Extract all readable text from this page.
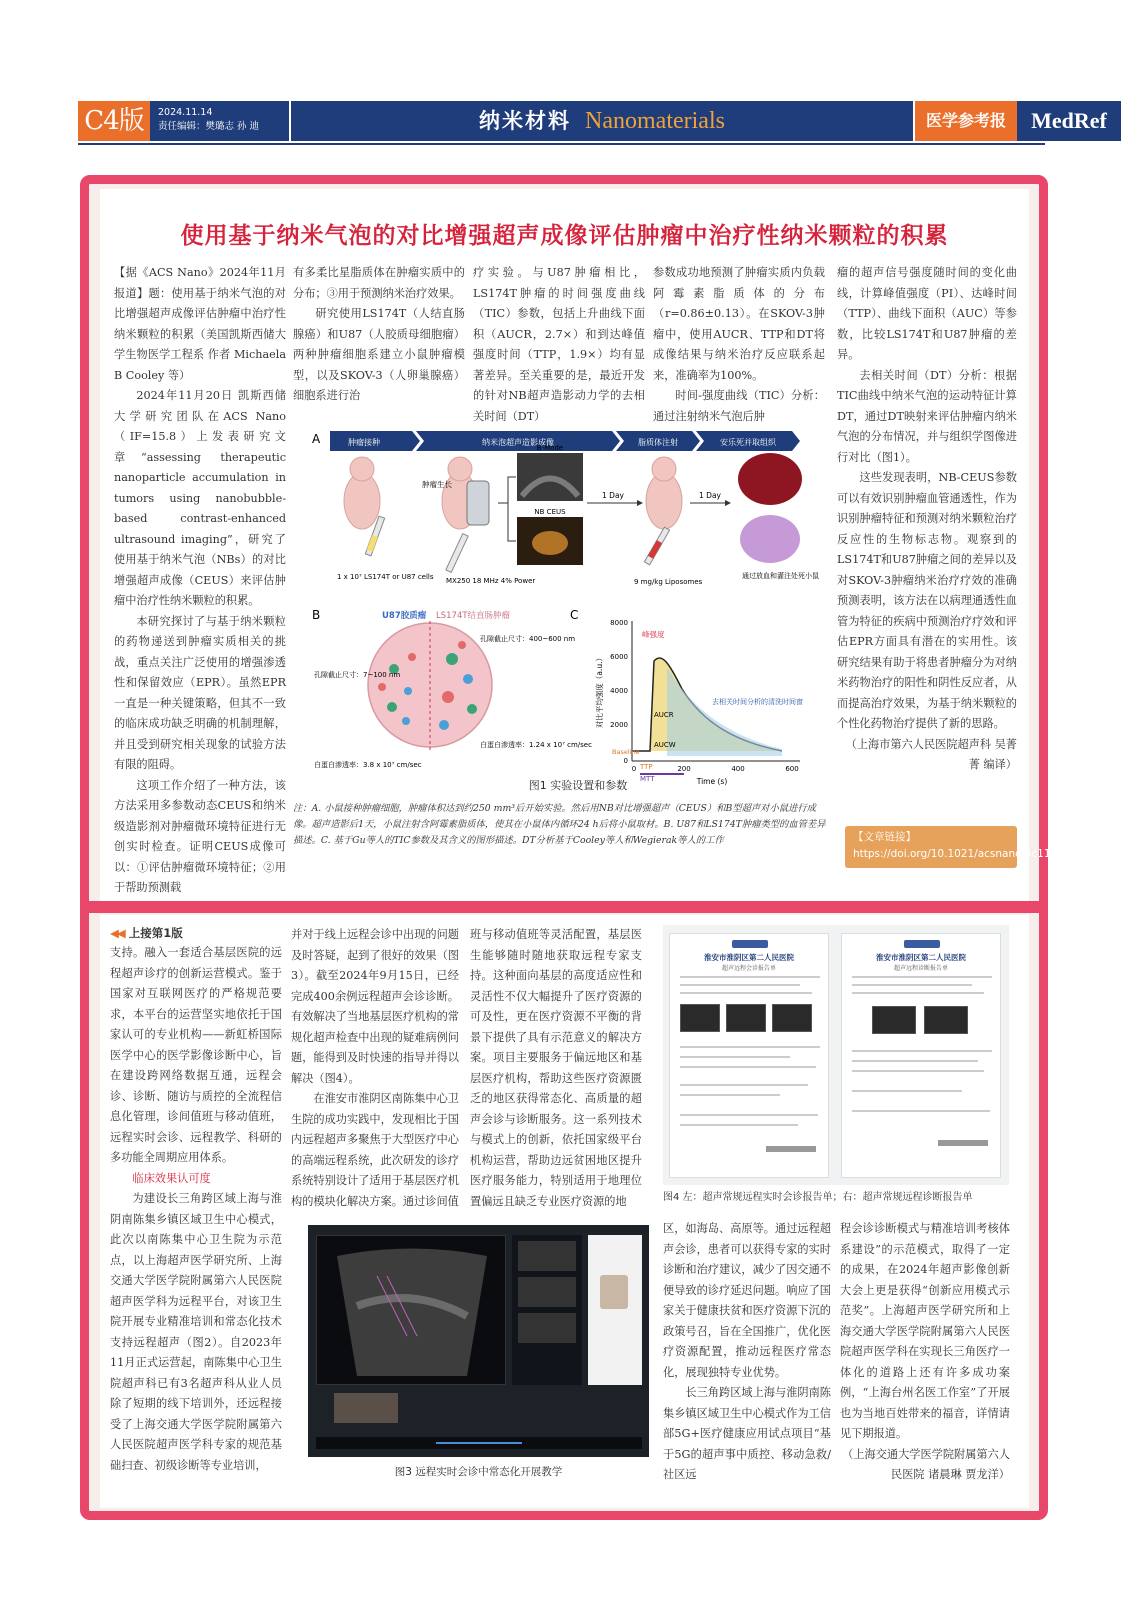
C4版	2024.11.14
责任编辑：樊璐志 孙 迪	纳米材料 Nanomaterials	医学参考报	MedRef
使用基于纳米气泡的对比增强超声成像评估肿瘤中治疗性纳米颗粒的积累

【据《ACS Nano》2024年11月报道】题：使用基于纳米气泡的对比增强超声成像评估肿瘤中治疗性纳米颗粒的积累（美国凯斯西储大学生物医学工程系 作者 Michaela B Cooley 等）

2024年11月20日 凯斯西储大学研究团队在ACS Nano（IF=15.8）上发表研究文章“assessing therapeutic nanoparticle accumulation in tumors using nanobubble-based contrast-enhanced ultrasound imaging”，研究了使用基于纳米气泡（NBs）的对比增强超声成像（CEUS）来评估肿瘤中治疗性纳米颗粒的积累。

本研究探讨了与基于纳米颗粒的药物递送到肿瘤实质相关的挑战，重点关注广泛使用的增强渗透性和保留效应（EPR）。虽然EPR一直是一种关键策略，但其不一致的临床成功缺乏明确的机制理解，并且受到研究相关现象的试验方法有限的阻碍。

这项工作介绍了一种方法，该方法采用多参数动态CEUS和纳米级造影剂对肿瘤微环境特征进行无创实时检查。证明CEUS成像可以：①评估肿瘤微环境特征；②用于帮助预测载

有多柔比星脂质体在肿瘤实质中的分布；③用于预测纳米治疗效果。

研究使用LS174T（人结直肠腺癌）和U87（人胶质母细胞瘤）两种肿瘤细胞系建立小鼠肿瘤模型，以及SKOV-3（人卵巢腺癌）细胞系进行治

疗实验。与U87肿瘤相比，LS174T肿瘤的时间强度曲线（TIC）参数，包括上升曲线下面积（AUCR，2.7×）和到达峰值强度时间（TTP，1.9×）均有显著差异。至关重要的是，最近开发的针对NB超声造影动力学的去相关时间（DT）

参数成功地预测了肿瘤实质内负载阿霉素脂质体的分布（r=0.86±0.13）。在SKOV-3肿瘤中，使用AUCR、TTP和DT将成像结果与纳米治疗反应联系起来，准确率为100%。

时间-强度曲线（TIC）分析：通过注射纳米气泡后肿

瘤的超声信号强度随时间的变化曲线，计算峰值强度（PI）、达峰时间（TTP）、曲线下面积（AUC）等参数，比较LS174T和U87肿瘤的差异。

去相关时间（DT）分析：根据TIC曲线中纳米气泡的运动特征计算DT，通过DT映射来评估肿瘤内纳米气泡的分布情况，并与组织学图像进行对比（图1）。

这些发现表明，NB-CEUS参数可以有效识别肿瘤血管通透性，作为识别肿瘤特征和预测对纳米颗粒治疗反应性的生物标志物。观察到的LS174T和U87肿瘤之间的差异以及对SKOV-3肿瘤纳米治疗疗效的准确预测表明，该方法在以病理通透性血管为特征的疾病中预测治疗疗效和评估EPR方面具有潜在的实用性。该研究结果有助于将患者肿瘤分为对纳米药物治疗的阳性和阴性反应者，从而提高治疗效果，为基于纳米颗粒的个性化药物治疗提供了新的思路。

（上海市第六人民医院超声科 吴菁菁 编译）

肿瘤接种	纳米泡超声造影成像	脂质体注射	安乐死并取组织
A
肿瘤生长
1 x 10⁷ LS174T or U87 cells MX250 18 MHz 4% Power
B-Mode
NB CEUS
1 Day	1 Day
9 mg/kg Liposomes
通过放血和灌注处死小鼠
B	U87胶质瘤 LS174T结直肠肿瘤
孔隙截止尺寸：7~100 nm
孔隙截止尺寸：400~600 nm
白蛋白渗透率：3.8 x 10⁷ cm/sec
白蛋白渗透率：1.24 x 10⁷ cm/sec
C
8000
6000
4000
2000
0
0	200	400	600
Time (s)
对比平均强度（a.u.）
峰强度
AUCR
AUCW
去相关时间分析的清洗时间窗
Baseline
TTP
MTT
图1 实验设置和参数
注：A. 小鼠接种肿瘤细胞，肿瘤体积达到约250 mm³后开始实验。然后用NB对比增强超声（CEUS）和B型超声对小鼠进行成像。超声造影后1天，小鼠注射含阿霉素脂质体，使其在小鼠体内循环24 h后将小鼠取材。B. U87和LS174T肿瘤类型的血管差异描述。C. 基于Gu等人的TIC参数及其含义的图形描述。DT分析基于Cooley等人和Wegierak等人的工作	【文章链接】https://doi.org/10.1021/acsnano.4c11805
◀◀ 上接第1版

支持。融入一套适合基层医院的远程超声诊疗的创新运营模式。鉴于国家对互联网医疗的严格规范要求，本平台的运营坚实地依托于国家认可的专业机构——新虹桥国际医学中心的医学影像诊断中心，旨在建设跨网络数据互通，远程会诊、诊断、随访与质控的全流程信息化管理，诊间值班与移动值班，远程实时会诊、远程教学、科研的多功能全周期应用体系。

临床效果认可度

为建设长三角跨区域上海与淮阴南陈集乡镇区域卫生中心模式，此次以南陈集中心卫生院为示范点，以上海超声医学研究所、上海交通大学医学院附属第六人民医院超声医学科为远程平台，对该卫生院开展专业精准培训和常态化技术支持远程超声（图2）。自2023年11月正式运营起，南陈集中心卫生院超声科已有3名超声科从业人员除了短期的线下培训外，还远程接受了上海交通大学医学院附属第六人民医院超声医学科专家的规范基础扫查、初级诊断等专业培训，

并对于线上远程会诊中出现的问题及时答疑，起到了很好的效果（图3）。截至2024年9月15日，已经完成400余例远程超声会诊诊断。有效解决了当地基层医疗机构的常规化超声检查中出现的疑难病例问题，能得到及时快速的指导并得以解决（图4）。

在淮安市淮阴区南陈集中心卫生院的成功实践中，发现相比于国内远程超声多聚焦于大型医疗中心的高端远程系统，此次研发的诊疗系统特别设计了适用于基层医疗机构的模块化解决方案。通过诊间值

班与移动值班等灵活配置，基层医生能够随时随地获取远程专家支持。这种面向基层的高度适应性和灵活性不仅大幅提升了医疗资源的可及性，更在医疗资源不平衡的背景下提供了具有示范意义的解决方案。项目主要服务于偏远地区和基层医疗机构，帮助这些医疗资源匮乏的地区获得常态化、高质量的超声会诊与诊断服务。这一系列技术与模式上的创新，依托国家级平台机构运营，帮助边远贫困地区提升医疗服务能力，特别适用于地理位置偏远且缺乏专业医疗资源的地

淮安市淮阴区第二人民医院
超声远程会诊报告单
淮安市淮阴区第二人民医院
超声远程诊断报告单
图4 左：超声常规远程实时会诊报告单；右：超声常规远程诊断报告单
图3 远程实时会诊中常态化开展教学

区，如海岛、高原等。通过远程超声会诊，患者可以获得专家的实时诊断和治疗建议，减少了因交通不便导致的诊疗延迟问题。响应了国家关于健康扶贫和医疗资源下沉的政策号召，旨在全国推广，优化医疗资源配置，推动远程医疗常态化，展现独特专业优势。

长三角跨区域上海与淮阴南陈集乡镇区域卫生中心模式作为工信部5G+医疗健康应用试点项目“基于5G的超声事中质控、移动急救/社区远

程会诊诊断模式与精准培训考核体系建设”的示范模式，取得了一定的成果，在2024年超声影像创新大会上更是获得“创新应用模式示范奖”。上海超声医学研究所和上海交通大学医学院附属第六人民医院超声医学科在实现长三角医疗一体化的道路上还有许多成功案例，“上海台州名医工作室”了开展也为当地百姓带来的福音，详情请见下期报道。

（上海交通大学医学院附属第六人民医院 诸晨琳 贾龙洋）
